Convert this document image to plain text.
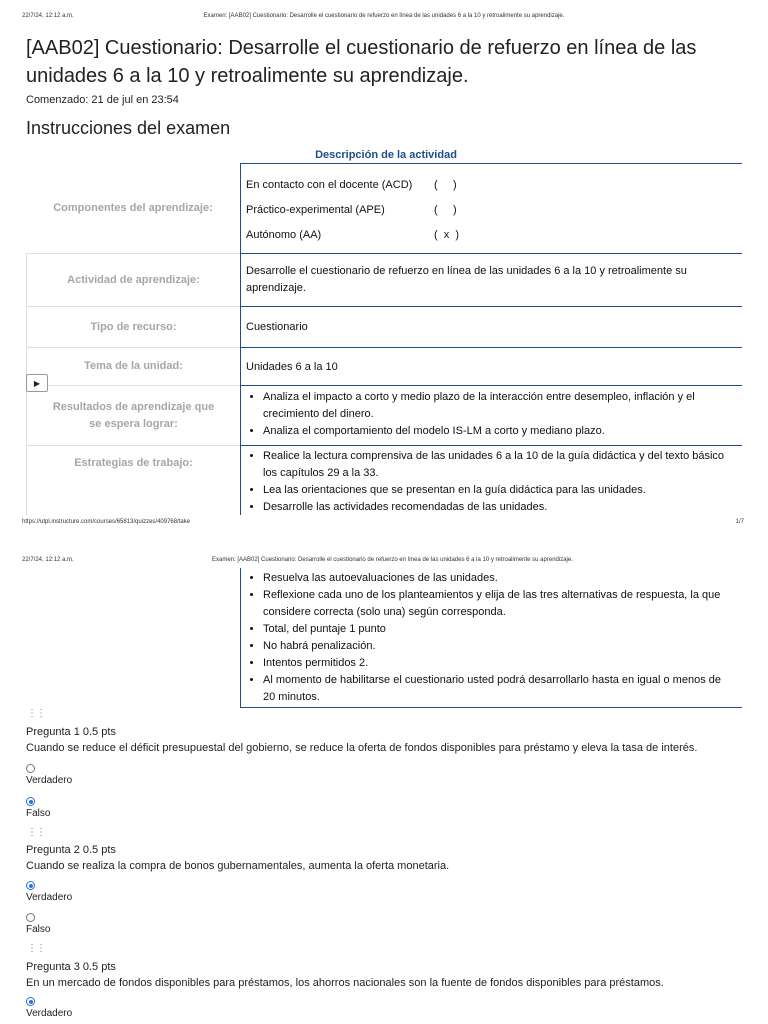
22/7/24, 12:12 a.m.	Examen: [AAB02] Cuestionario: Desarrolle el cuestionario de refuerzo en línea de las unidades 6 a la 10 y retroalimente su aprendizaje.
[AAB02] Cuestionario: Desarrolle el cuestionario de refuerzo en línea de las unidades 6 a la 10 y retroalimente su aprendizaje.
Comenzado: 21 de jul en 23:54
Instrucciones del examen
Descripción de la actividad
Componentes del aprendizaje:
En contacto con el docente (ACD) (     )
Práctico-experimental (APE)	(     )
Autónomo (AA)	(  x  )
Actividad de aprendizaje:
Desarrolle el cuestionario de refuerzo en línea de las unidades 6 a la 10 y retroalimente su aprendizaje.
Tipo de recurso:	Cuestionario
Tema de la unidad:	Unidades 6 a la 10
Resultados de aprendizaje que se espera lograr:
• Analiza el impacto a corto y medio plazo de la interacción entre desempleo, inflación y el crecimiento del dinero.
• Analiza el comportamiento del modelo IS-LM a corto y mediano plazo.
Estrategias de trabajo:
• Realice la lectura comprensiva de las unidades 6 a la 10 de la guía didáctica y del texto básico los capítulos 29 a la 33.
• Lea las orientaciones que se presentan en la guía didáctica para las unidades.
• Desarrolle las actividades recomendadas de las unidades.
▶
https://utpl.instructure.com/courses/65813/quizzes/409768/take	1/7
22/7/24, 12:12 a.m.	Examen: [AAB02] Cuestionario: Desarrolle el cuestionario de refuerzo en línea de las unidades 6 a la 10 y retroalimente su aprendizaje.
• Resuelva las autoevaluaciones de las unidades.
• Reflexione cada uno de los planteamientos y elija de las tres alternativas de respuesta, la que considere correcta (solo una) según corresponda.
• Total, del puntaje 1 punto
• No habrá penalización.
• Intentos permitidos 2.
• Al momento de habilitarse el cuestionario usted podrá desarrollarlo hasta en igual o menos de 20 minutos.
⋮⋮
Pregunta 1 0.5 pts
Cuando se reduce el déficit presupuestal del gobierno, se reduce la oferta de fondos disponibles para préstamo y eleva la tasa de interés.
Verdadero
Falso
⋮⋮
Pregunta 2 0.5 pts
Cuando se realiza la compra de bonos gubernamentales, aumenta la oferta monetaria.
Verdadero
Falso
⋮⋮
Pregunta 3 0.5 pts
En un mercado de fondos disponibles para préstamos, los ahorros nacionales son la fuente de fondos disponibles para préstamos.
Verdadero
